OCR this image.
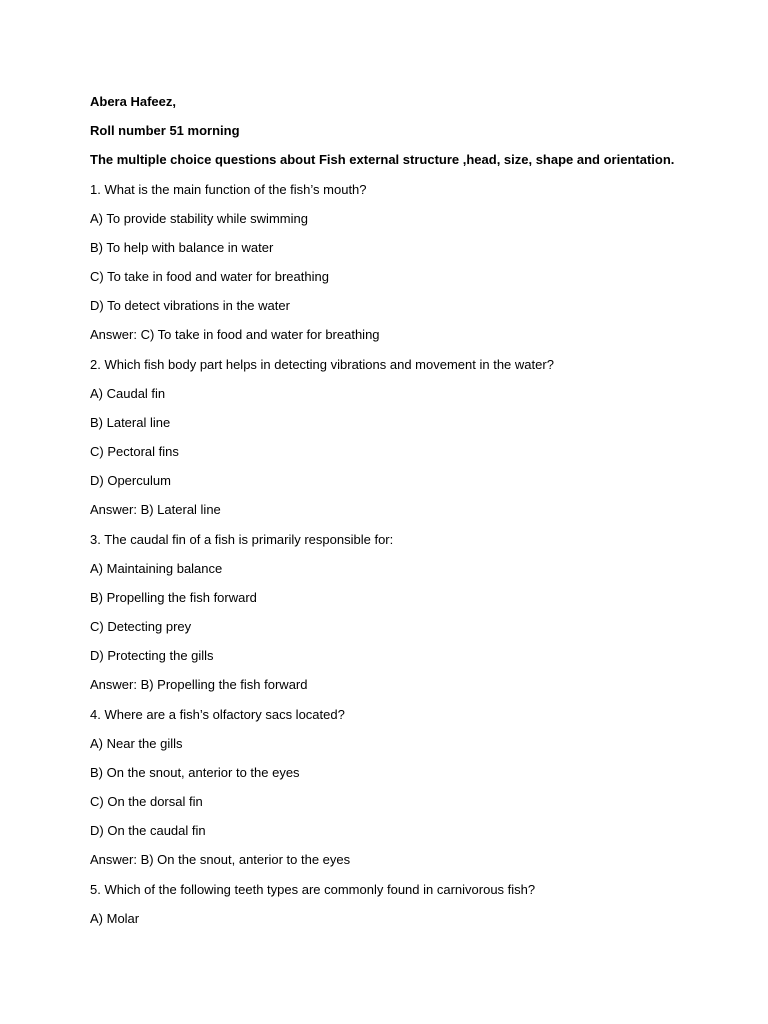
Abera Hafeez,
Roll number 51 morning
The multiple choice questions about Fish external structure ,head, size, shape and orientation.
1. What is the main function of the fish’s mouth?
A) To provide stability while swimming
B) To help with balance in water
C) To take in food and water for breathing
D) To detect vibrations in the water
Answer: C) To take in food and water for breathing
2. Which fish body part helps in detecting vibrations and movement in the water?
A) Caudal fin
B) Lateral line
C) Pectoral fins
D) Operculum
Answer: B) Lateral line
3. The caudal fin of a fish is primarily responsible for:
A) Maintaining balance
B) Propelling the fish forward
C) Detecting prey
D) Protecting the gills
Answer: B) Propelling the fish forward
4. Where are a fish’s olfactory sacs located?
A) Near the gills
B) On the snout, anterior to the eyes
C) On the dorsal fin
D) On the caudal fin
Answer: B) On the snout, anterior to the eyes
5. Which of the following teeth types are commonly found in carnivorous fish?
A) Molar
